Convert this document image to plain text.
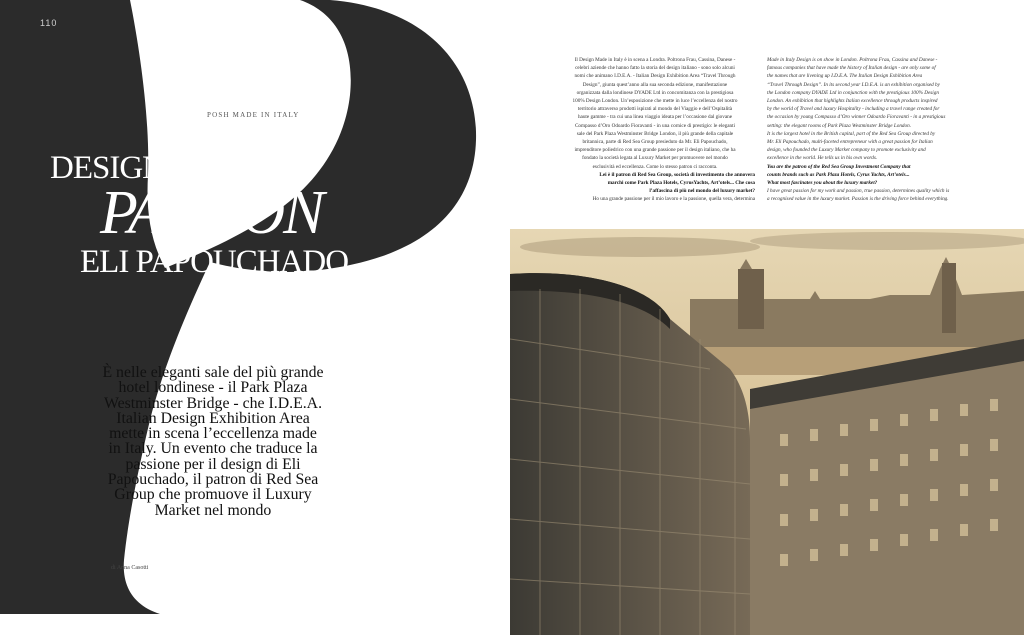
110
POSH MADE IN ITALY
DESIGN
PASSION
ELI PAPOUCHADO
È nelle eleganti sale del più grande hotel londinese - il Park Plaza Westminster Bridge - che I.D.E.A. Italian Design Exhibition Area mette in scena l’eccellenza made in Italy. Un evento che traduce la passione per il design di Eli Papouchado, il patron di Red Sea Group che promuove il Luxury Market nel mondo
di Anna Casotti
Il Design Made in Italy è in scena a Londra. Poltrona Frau, Cassina, Danese -
celebri aziende che hanno fatto la storia del design italiano - sono solo alcuni
nomi che animano I.D.E.A. - Italian Design Exhibition Area “Travel Through
Design”, giunta quest’anno alla sua seconda edizione, manifestazione
organizzata dalla londinese DYADE Ltd in concomitanza con la prestigiosa
100% Design London. Un’esposizione che mette in luce l’eccellenza del nostro
territorio attraverso prodotti ispirati al mondo del Viaggio e dell’Ospitalità
haute gamme - tra cui una linea viaggio ideata per l’occasione dal giovane
Compasso d’Oro Odoardo Fioravanti - in una cornice di prestigio: le eleganti
sale del Park Plaza Westminster Bridge London, il più grande della capitale
britannica, parte di Red Sea Group presieduto da Mr. Eli Papouchado,
imprenditore poliedrico con una grande passione per il design italiano, che ha
fondato la società legata al Luxury Market per promuovere nel mondo
esclusività ed eccellenza. Come lo stesso patron ci racconta.
Lei è il patron di Red Sea Group, società di investimento che annovera
marchi come Park Plaza Hotels, CyrusYachts, Art’otels... Che cosa
l’affascina di più nel mondo del luxury market?

Ho una grande passione per il mio lavoro e la passione, quella vera, determina

Made in Italy Design is on show in London. Poltrona Frau, Cassina and Danese -
famous companies that have made the history of Italian design - are only some of
the names that are livening up I.D.E.A. The Italian Design Exhibition Area
“Travel Through Design”. In its second year I.D.E.A. is an exhibition organised by
the London company DYADE Ltd in conjunction with the prestigious 100% Design
London. An exhibition that highlights Italian excellence through products inspired
by the world of Travel and luxury Hospitality - including a travel range created for
the occasion by young Compasso d’Oro winner Odoardo Fioravanti - in a prestigious
setting: the elegant rooms of Park Plaza Westminster Bridge London.
It is the largest hotel in the British capital, part of the Red Sea Group directed by
Mr. Eli Papouchado, multi-faceted entrepreneur with a great passion for Italian
design, who founded the Luxury Market company to promote exclusivity and
excellence in the world. He tells us in his own words.
You are the patron of the Red Sea Group Investment Company that
counts brands such as Park Plaza Hotels, Cyrus Yachts, Art’otels...
What most fascinates you about the luxury market?
I have great passion for my work and passion, true passion, determines quality which is
a recognised value in the luxury market. Passion is the driving force behind everything.
